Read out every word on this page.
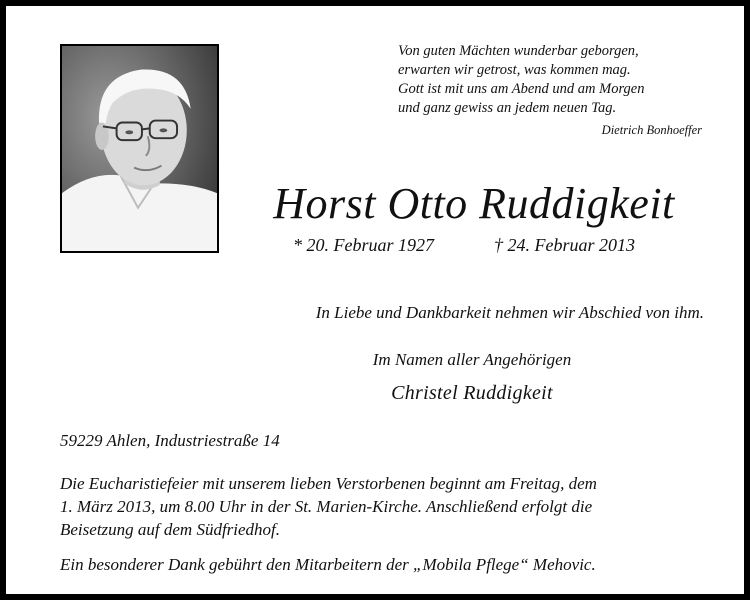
Von guten Mächten wunderbar geborgen,
erwarten wir getrost, was kommen mag.
Gott ist mit uns am Abend und am Morgen
und ganz gewiss an jedem neuen Tag.
Dietrich Bonhoeffer
Horst Otto Ruddigkeit
* 20. Februar 1927	† 24. Februar 2013
In Liebe und Dankbarkeit nehmen wir Abschied von ihm.
Im Namen aller Angehörigen
Christel Ruddigkeit
59229 Ahlen, Industriestraße 14
Die Eucharistiefeier mit unserem lieben Verstorbenen beginnt am Freitag, dem
1. März 2013, um 8.00 Uhr in der St. Marien-Kirche. Anschließend erfolgt die
Beisetzung auf dem Südfriedhof.
Ein besonderer Dank gebührt den Mitarbeitern der „Mobila Pflege“ Mehovic.
